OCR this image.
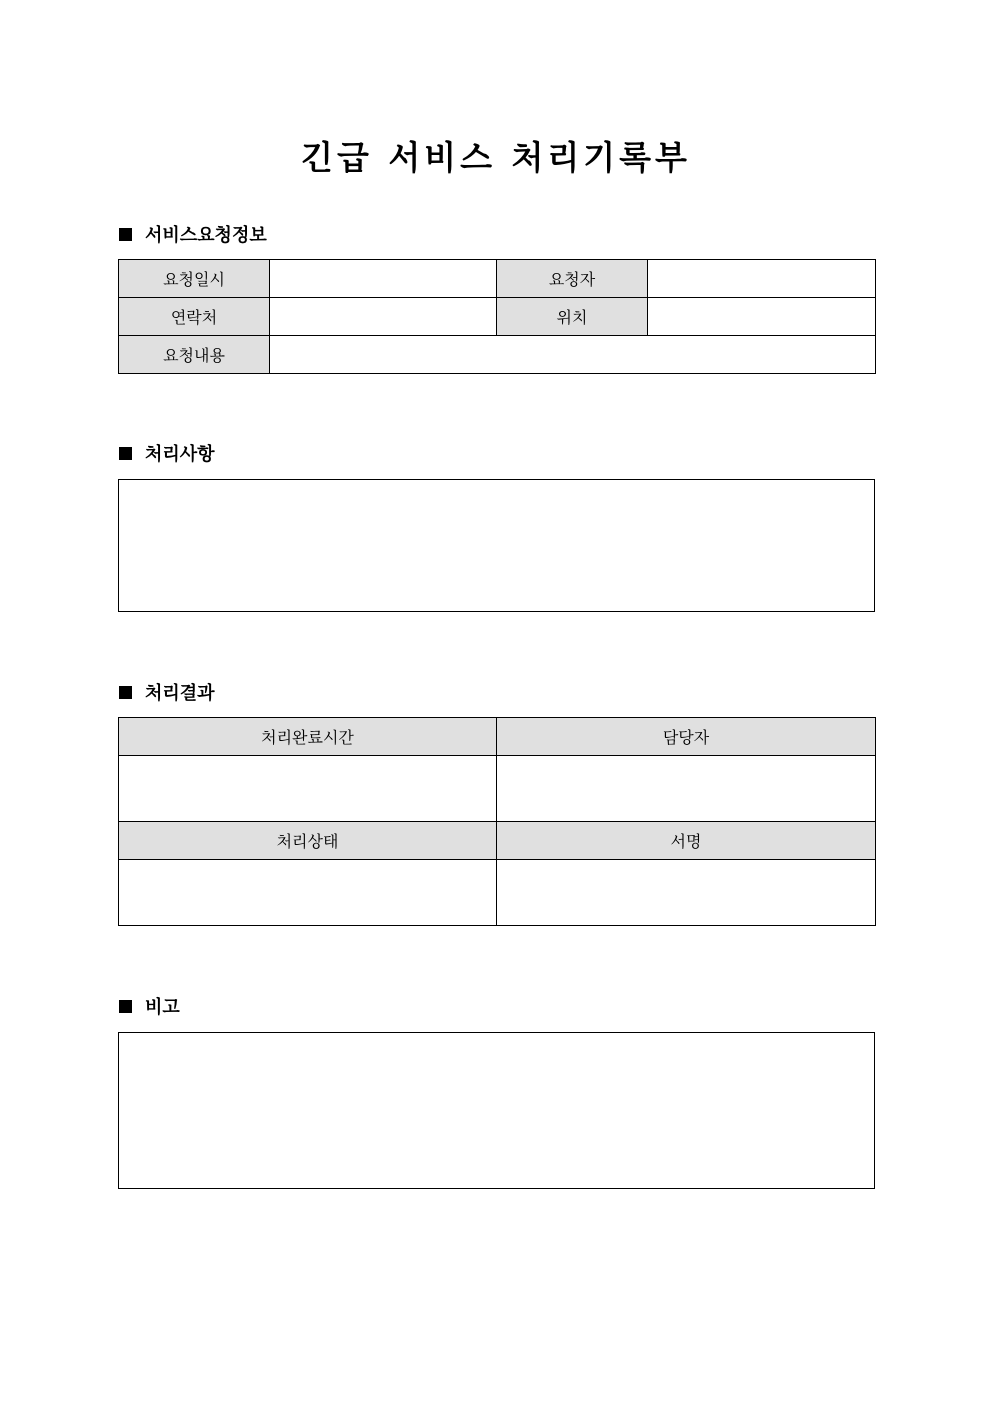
긴급 서비스 처리기록부
서비스요청정보
요청일시		요청자	
연락처		위치	
요청내용			
처리사항
처리결과
처리완료시간	담당자

처리상태	서명

비고
